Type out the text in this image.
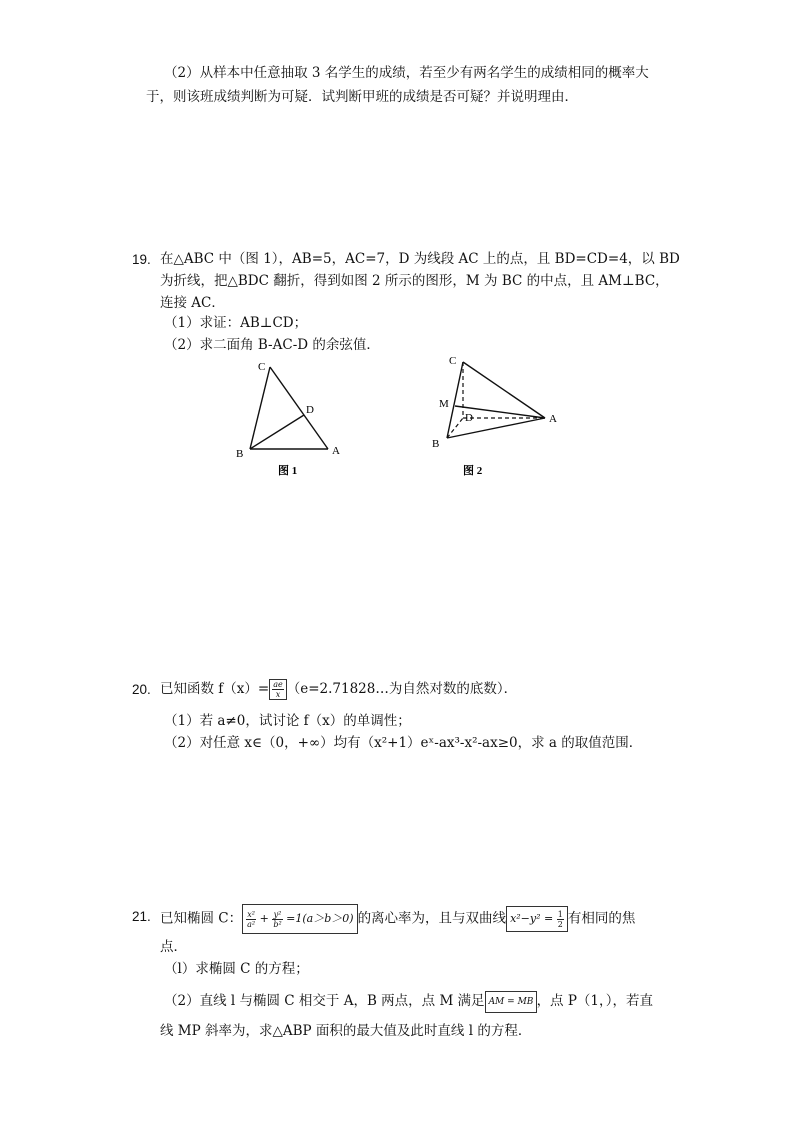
（2）从样本中任意抽取 3 名学生的成绩，若至少有两名学生的成绩相同的概率大
于，则该班成绩判断为可疑．试判断甲班的成绩是否可疑？并说明理由．
19. 在△ABC 中（图 1），AB=5，AC=7，D 为线段 AC 上的点，且 BD=CD=4，以 BD
为折线，把△BDC 翻折，得到如图 2 所示的图形，M 为 BC 的中点，且 AM⊥BC，
连接 AC．
（1）求证：AB⊥CD；
（2）求二面角 B-AC-D 的余弦值．
C
D
B	A
图 1
C
M
D
B
A
图 2
20. 已知函数 $f(x)= \frac{ae}{x}$ （e=2.71828…为自然对数的底数）．
（1）若 a≠0，试讨论 f（x）的单调性；
（2）对任意 x∈（0，+∞）均有（x²+1）eˣ-ax³-x²-ax≥0，求 a 的取值范围．
21. 已知椭圆 C： $\frac{\text{x²}}{\text{a²}} + \frac{\text{y²}}{\text{b²}} =1(a>b>0)$ 的离心率为，且与双曲线 $x^2-y^2 = \frac{1}{2}$ 有相同的焦
点．
（l）求椭圆 C 的方程；
（2）直线 l 与椭圆 C 相交于 A，B 两点，点 M 满足 AM = MB ，点 P（1，），若直
线 MP 斜率为，求△ABP 面积的最大值及此时直线 l 的方程．
